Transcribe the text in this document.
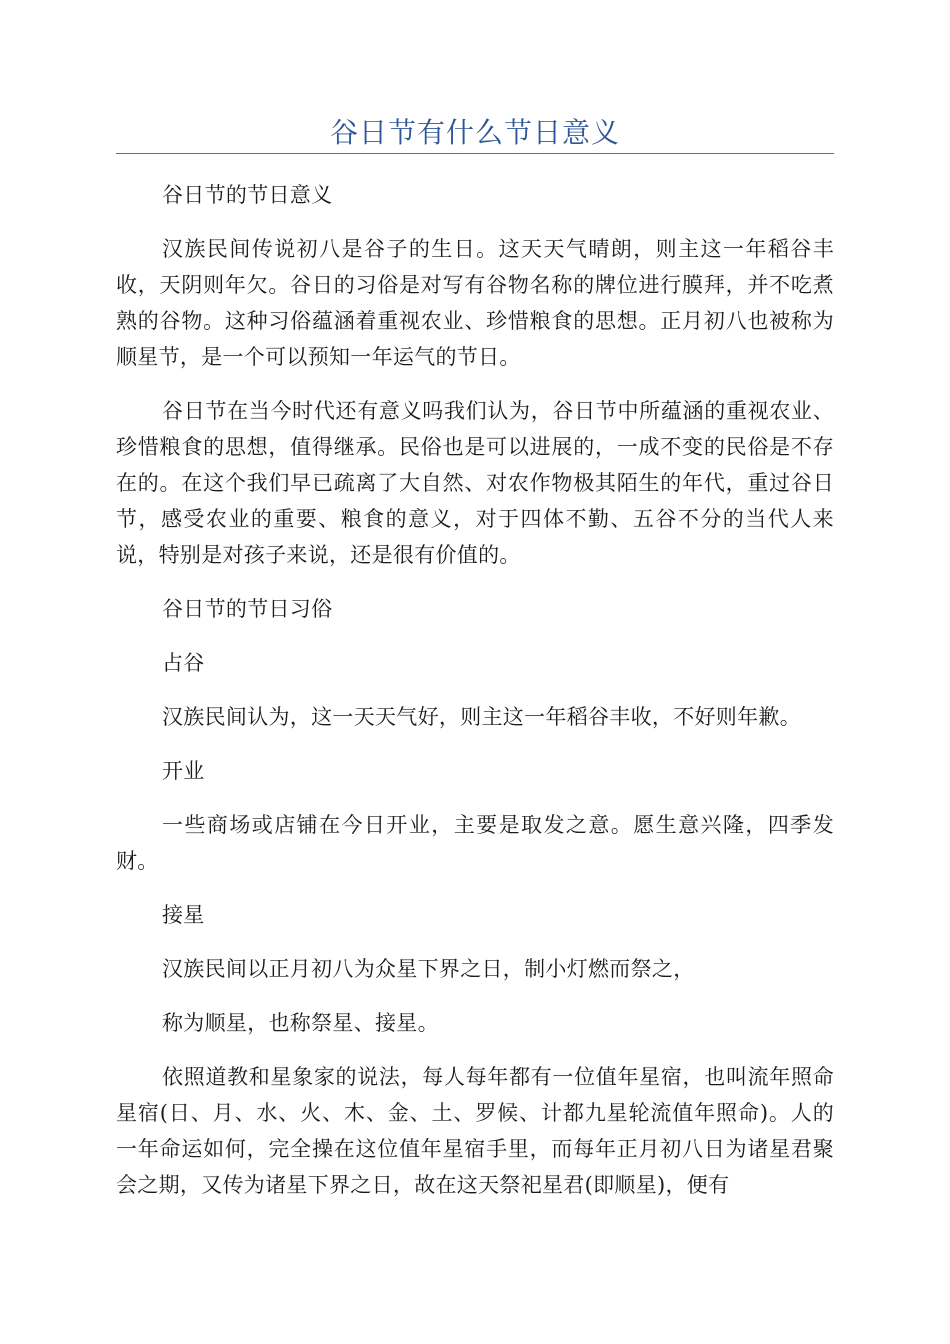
谷日节有什么节日意义

谷日节的节日意义

汉族民间传说初八是谷子的生日。这天天气晴朗，则主这一年稻谷丰收，天阴则年欠。谷日的习俗是对写有谷物名称的牌位进行膜拜，并不吃煮熟的谷物。这种习俗蕴涵着重视农业、珍惜粮食的思想。正月初八也被称为顺星节，是一个可以预知一年运气的节日。

谷日节在当今时代还有意义吗我们认为，谷日节中所蕴涵的重视农业、珍惜粮食的思想，值得继承。民俗也是可以进展的，一成不变的民俗是不存在的。在这个我们早已疏离了大自然、对农作物极其陌生的年代，重过谷日节，感受农业的重要、粮食的意义，对于四体不勤、五谷不分的当代人来说，特别是对孩子来说，还是很有价值的。

谷日节的节日习俗

占谷

汉族民间认为，这一天天气好，则主这一年稻谷丰收，不好则年歉。

开业

一些商场或店铺在今日开业，主要是取发之意。愿生意兴隆，四季发财。

接星

汉族民间以正月初八为众星下界之日，制小灯燃而祭之，

称为顺星，也称祭星、接星。

依照道教和星象家的说法，每人每年都有一位值年星宿，也叫流年照命星宿(日、月、水、火、木、金、土、罗候、计都九星轮流值年照命)。人的一年命运如何，完全操在这位值年星宿手里，而每年正月初八日为诸星君聚会之期，又传为诸星下界之日，故在这天祭祀星君(即顺星)，便有
